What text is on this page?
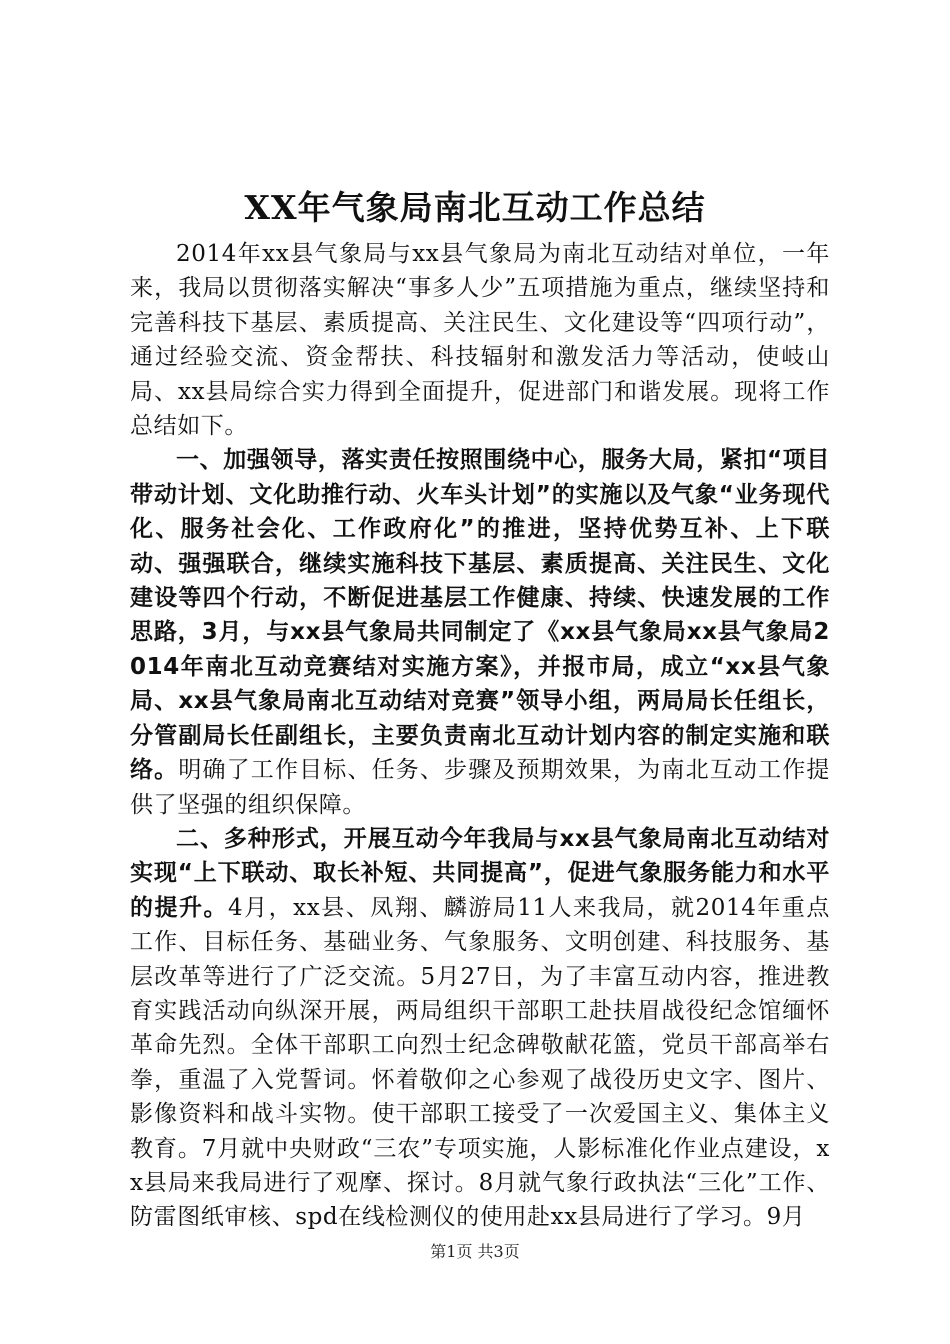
XX年气象局南北互动工作总结

2014年xx县气象局与xx县气象局为南北互动结对单位，一年来，我局以贯彻落实解决“事多人少”五项措施为重点，继续坚持和完善科技下基层、素质提高、关注民生、文化建设等“四项行动”，通过经验交流、资金帮扶、科技辐射和激发活力等活动，使岐山局、xx县局综合实力得到全面提升，促进部门和谐发展。现将工作总结如下。

一、加强领导，落实责任按照围绕中心，服务大局，紧扣“项目带动计划、文化助推行动、火车头计划”的实施以及气象“业务现代化、服务社会化、工作政府化”的推进，坚持优势互补、上下联动、强强联合，继续实施科技下基层、素质提高、关注民生、文化建设等四个行动，不断促进基层工作健康、持续、快速发展的工作思路，3月，与xx县气象局共同制定了《xx县气象局xx县气象局2014年南北互动竞赛结对实施方案》，并报市局，成立“xx县气象局、xx县气象局南北互动结对竞赛”领导小组，两局局长任组长，分管副局长任副组长，主要负责南北互动计划内容的制定实施和联络。明确了工作目标、任务、步骤及预期效果，为南北互动工作提供了坚强的组织保障。

二、多种形式，开展互动今年我局与xx县气象局南北互动结对实现“上下联动、取长补短、共同提高”，促进气象服务能力和水平的提升。4月，xx县、凤翔、麟游局11人来我局，就2014年重点工作、目标任务、基础业务、气象服务、文明创建、科技服务、基层改革等进行了广泛交流。5月27日，为了丰富互动内容，推进教育实践活动向纵深开展，两局组织干部职工赴扶眉战役纪念馆缅怀革命先烈。全体干部职工向烈士纪念碑敬献花篮，党员干部高举右拳，重温了入党誓词。怀着敬仰之心参观了战役历史文字、图片、影像资料和战斗实物。使干部职工接受了一次爱国主义、集体主义教育。7月就中央财政“三农”专项实施，人影标准化作业点建设，xx县局来我局进行了观摩、探讨。8月就气象行政执法“三化”工作、防雷图纸审核、spd在线检测仪的使用赴xx县局进行了学习。9月

第1页 共3页
